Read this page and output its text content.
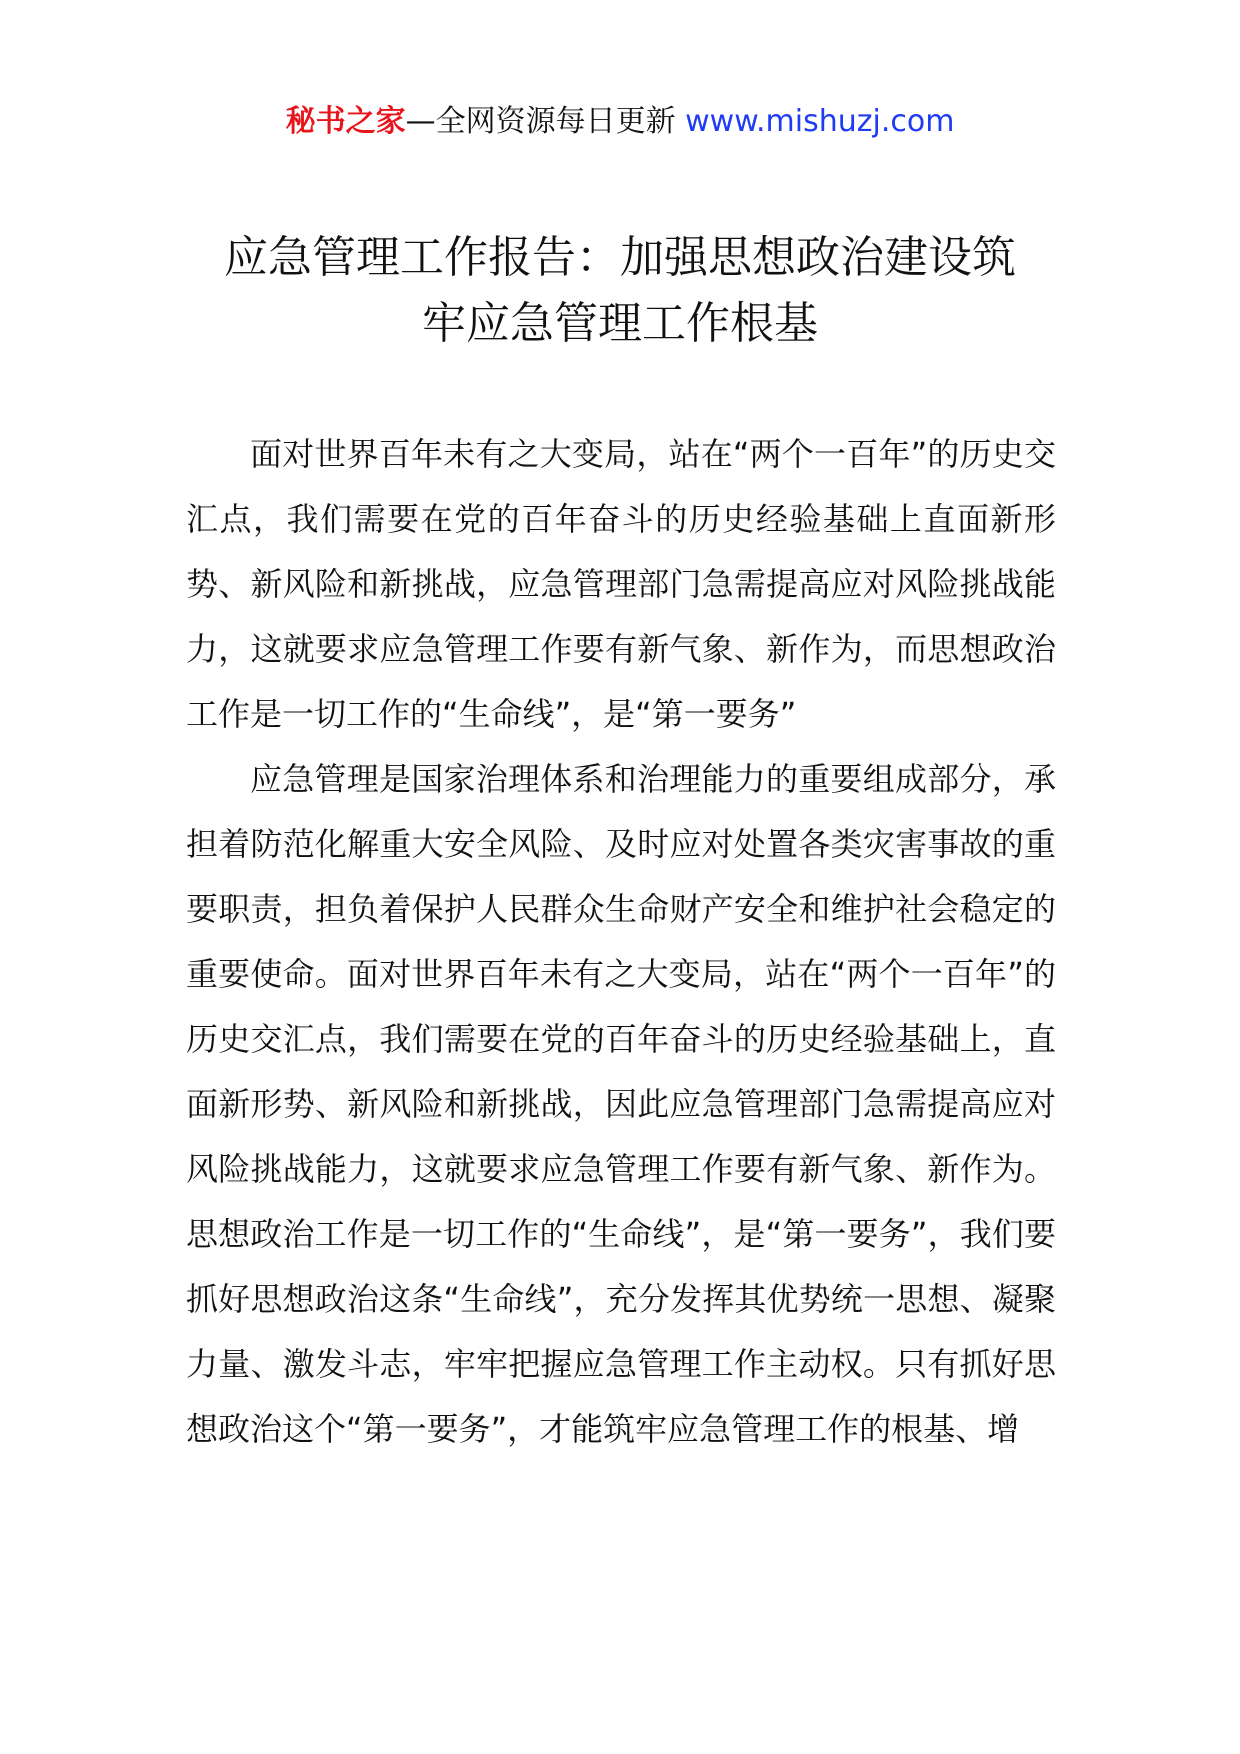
秘书之家—全网资源每日更新 www.mishuzj.com
应急管理工作报告：加强思想政治建设筑
牢应急管理工作根基

面对世界百年未有之大变局，站在“两个一百年”的历史交汇点，我们需要在党的百年奋斗的历史经验基础上直面新形势、新风险和新挑战，应急管理部门急需提高应对风险挑战能力，这就要求应急管理工作要有新气象、新作为，而思想政治工作是一切工作的“生命线”，是“第一要务”

应急管理是国家治理体系和治理能力的重要组成部分，承担着防范化解重大安全风险、及时应对处置各类灾害事故的重要职责，担负着保护人民群众生命财产安全和维护社会稳定的重要使命。面对世界百年未有之大变局，站在“两个一百年”的历史交汇点，我们需要在党的百年奋斗的历史经验基础上，直面新形势、新风险和新挑战，因此应急管理部门急需提高应对风险挑战能力，这就要求应急管理工作要有新气象、新作为。思想政治工作是一切工作的“生命线”，是“第一要务”，我们要抓好思想政治这条“生命线”，充分发挥其优势统一思想、凝聚力量、激发斗志，牢牢把握应急管理工作主动权。只有抓好思想政治这个“第一要务”，才能筑牢应急管理工作的根基、增
